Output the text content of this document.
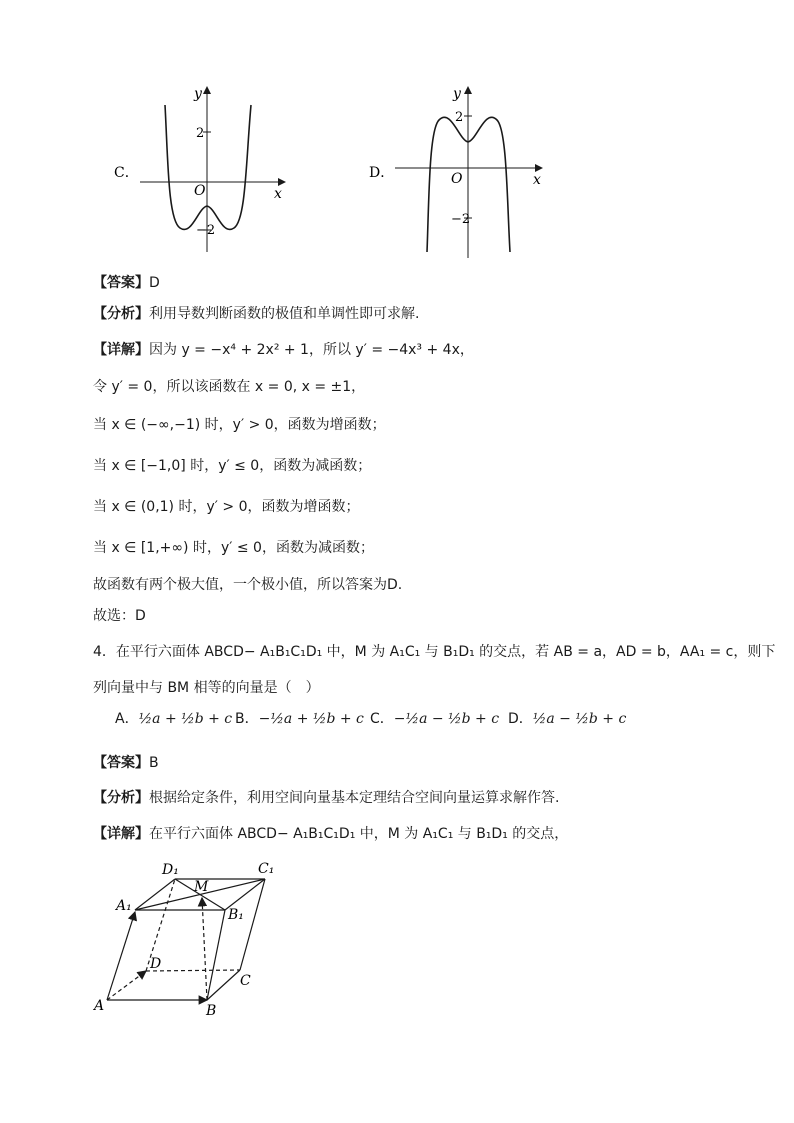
C．
y
x
O
2
−2
D．
y
x
O
2
−2
【答案】D
【分析】利用导数判断函数的极值和单调性即可求解.
【详解】因为 y = −x⁴ + 2x² + 1，所以 y′ = −4x³ + 4x，
令 y′ = 0，所以该函数在 x = 0, x = ±1，
当 x ∈ (−∞,−1) 时，y′ > 0，函数为增函数；
当 x ∈ [−1,0] 时，y′ ≤ 0，函数为减函数；
当 x ∈ (0,1) 时，y′ > 0，函数为增函数；
当 x ∈ [1,+∞) 时，y′ ≤ 0，函数为减函数；
故函数有两个极大值，一个极小值，所以答案为D.
故选：D
4．在平行六面体 ABCD− A₁B₁C₁D₁ 中，M 为 A₁C₁ 与 B₁D₁ 的交点，若 AB = a，AD = b，AA₁ = c，则下
列向量中与 BM 相等的向量是（　）
A．½a + ½b + c B．−½a + ½b + c C．−½a − ½b + c D．½a − ½b + c
【答案】B
【分析】根据给定条件，利用空间向量基本定理结合空间向量运算求解作答.
【详解】在平行六面体 ABCD− A₁B₁C₁D₁ 中，M 为 A₁C₁ 与 B₁D₁ 的交点，
A	B
C
D
A₁
B₁
C₁
D₁
M
